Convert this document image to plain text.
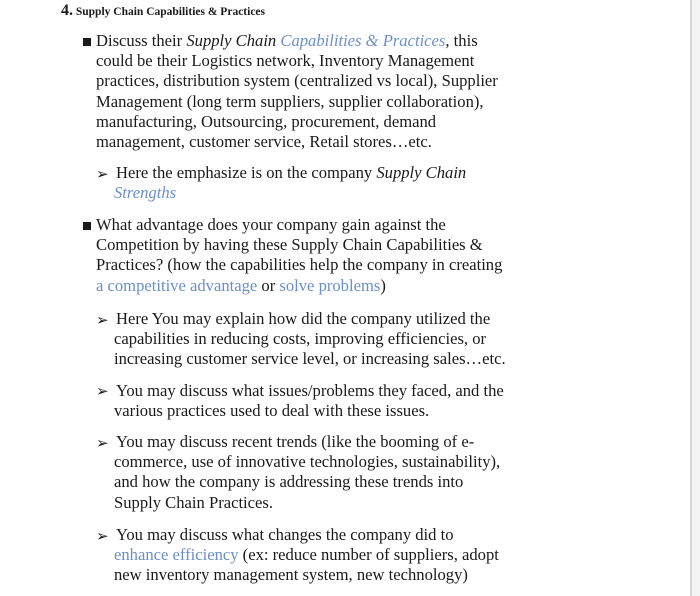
4. Supply Chain Capabilities & Practices
Discuss their Supply Chain Capabilities & Practices, this
could be their Logistics network, Inventory Management
practices, distribution system (centralized vs local), Supplier
Management (long term suppliers, supplier collaboration),
manufacturing, Outsourcing, procurement, demand
management, customer service, Retail stores…etc.
➢ Here the emphasize is on the company Supply Chain
Strengths
What advantage does your company gain against the
Competition by having these Supply Chain Capabilities &
Practices? (how the capabilities help the company in creating
a competitive advantage or solve problems)
➢ Here You may explain how did the company utilized the
capabilities in reducing costs, improving efficiencies, or
increasing customer service level, or increasing sales…etc.
➢ You may discuss what issues/problems they faced, and the
various practices used to deal with these issues.
➢ You may discuss recent trends (like the booming of e-
commerce, use of innovative technologies, sustainability),
and how the company is addressing these trends into
Supply Chain Practices.
➢ You may discuss what changes the company did to
enhance efficiency (ex: reduce number of suppliers, adopt
new inventory management system, new technology)
